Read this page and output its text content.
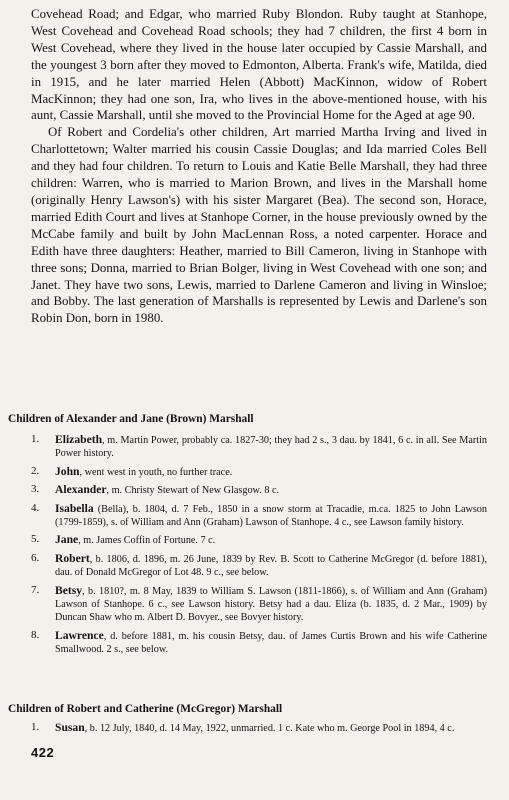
Covehead Road; and Edgar, who married Ruby Blondon. Ruby taught at Stanhope, West Covehead and Covehead Road schools; they had 7 children, the first 4 born in West Covehead, where they lived in the house later occupied by Cassie Marshall, and the youngest 3 born after they moved to Edmonton, Alberta. Frank's wife, Matilda, died in 1915, and he later married Helen (Abbott) MacKinnon, widow of Robert MacKinnon; they had one son, Ira, who lives in the above-mentioned house, with his aunt, Cassie Marshall, until she moved to the Provincial Home for the Aged at age 90.

Of Robert and Cordelia's other children, Art married Martha Irving and lived in Charlottetown; Walter married his cousin Cassie Douglas; and Ida married Coles Bell and they had four children. To return to Louis and Katie Belle Marshall, they had three children: Warren, who is married to Marion Brown, and lives in the Marshall home (originally Henry Lawson's) with his sister Margaret (Bea). The second son, Horace, married Edith Court and lives at Stanhope Corner, in the house previously owned by the McCabe family and built by John MacLennan Ross, a noted carpenter. Horace and Edith have three daughters: Heather, married to Bill Cameron, living in Stanhope with three sons; Donna, married to Brian Bolger, living in West Covehead with one son; and Janet. They have two sons, Lewis, married to Darlene Cameron and living in Winsloe; and Bobby. The last generation of Marshalls is represented by Lewis and Darlene's son Robin Don, born in 1980.

Children of Alexander and Jane (Brown) Marshall
1. Elizabeth, m. Martin Power, probably ca. 1827-30; they had 2 s., 3 dau. by 1841, 6 c. in all. See Martin Power history.
2. John, went west in youth, no further trace.
3. Alexander, m. Christy Stewart of New Glasgow. 8 c.
4. Isabella (Bella), b. 1804, d. 7 Feb., 1850 in a snow storm at Tracadie, m.ca. 1825 to John Lawson (1799-1859), s. of William and Ann (Graham) Lawson of Stanhope. 4 c., see Lawson family history.
5. Jane, m. James Coffin of Fortune. 7 c.
6. Robert, b. 1806, d. 1896, m. 26 June, 1839 by Rev. B. Scott to Catherine McGregor (d. before 1881), dau. of Donald McGregor of Lot 48. 9 c., see below.
7. Betsy, b. 1810?, m. 8 May, 1839 to William S. Lawson (1811-1866), s. of William and Ann (Graham) Lawson of Stanhope. 6 c., see Lawson history. Betsy had a dau. Eliza (b. 1835, d. 2 Mar., 1909) by Duncan Shaw who m. Albert D. Bovyer., see Bovyer history.
8. Lawrence, d. before 1881, m. his cousin Betsy, dau. of James Curtis Brown and his wife Catherine Smallwood. 2 s., see below.
Children of Robert and Catherine (McGregor) Marshall
1. Susan, b. 12 July, 1840, d. 14 May, 1922, unmarried. 1 c. Kate who m. George Pool in 1894, 4 c.
422
